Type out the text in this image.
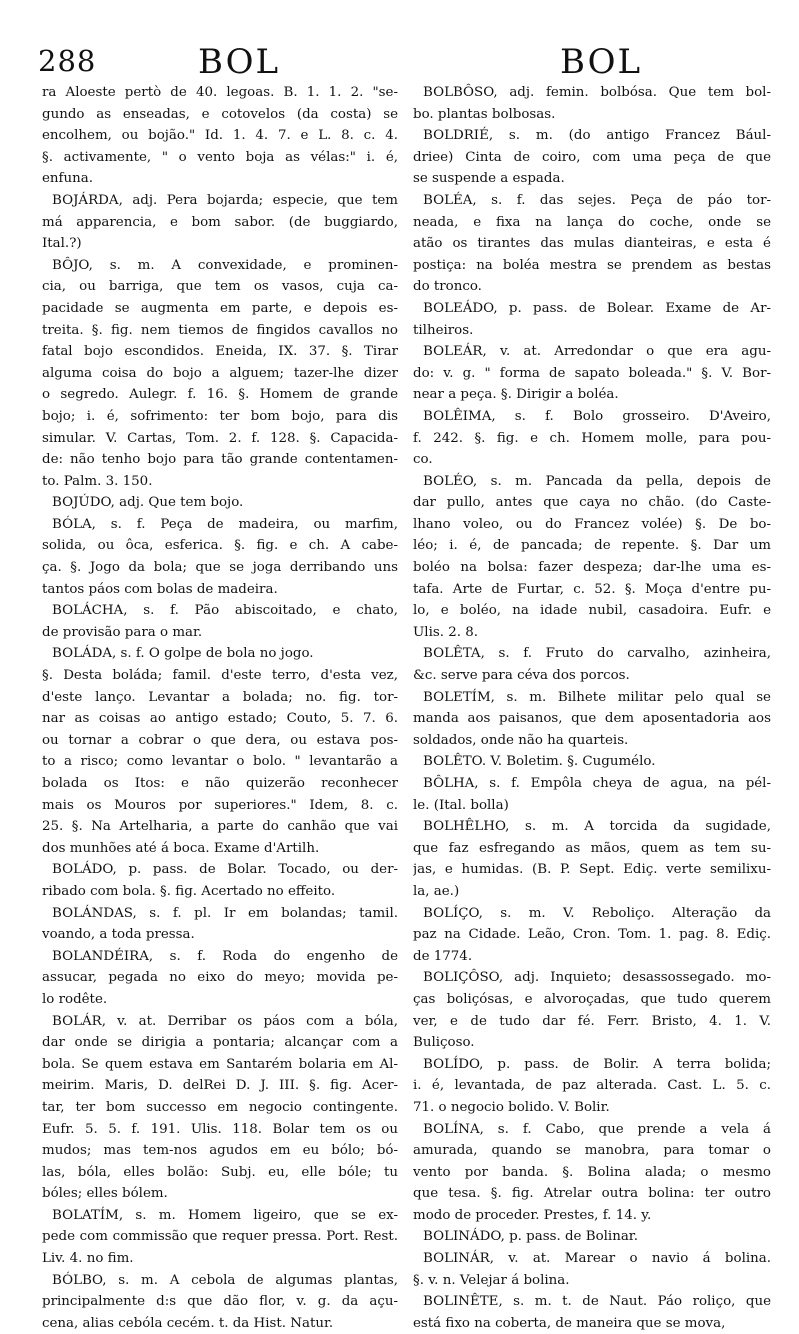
288	BOL	BOL
ra Aloeste pertò de 40. legoas. B. 1. 1. 2. "se-
gundo as enseadas, e cotovelos (da costa) se
encolhem, ou bojão." Id. 1. 4. 7. e L. 8. c. 4.
§. activamente, " o vento boja as vélas:" i. é,
enfuna.
BOJÁRDA, adj. Pera bojarda; especie, que tem
má apparencia, e bom sabor. (de buggiardo,
Ital.?)
BÔJO, s. m. A convexidade, e prominen-
cia, ou barriga, que tem os vasos, cuja ca-
pacidade se augmenta em parte, e depois es-
treita. §. fig. nem tiemos de fingidos cavallos no
fatal bojo escondidos. Eneida, IX. 37. §. Tirar
alguma coisa do bojo a alguem; tazer-lhe dizer
o segredo. Aulegr. f. 16. §. Homem de grande
bojo; i. é, sofrimento: ter bom bojo, para dis
simular. V. Cartas, Tom. 2. f. 128. §. Capacida-
de: não tenho bojo para tão grande contentamen-
to. Palm. 3. 150.
BOJÚDO, adj. Que tem bojo.
BÓLA, s. f. Peça de madeira, ou marfim,
solida, ou ôca, esferica. §. fig. e ch. A cabe-
ça. §. Jogo da bola; que se joga derribando uns
tantos páos com bolas de madeira.
BOLÁCHA, s. f. Pão abiscoitado, e chato,
de provisão para o mar.
BOLÁDA, s. f. O golpe de bola no jogo.
§. Desta boláda; famil. d'este terro, d'esta vez,
d'este lanço. Levantar a bolada; no. fig. tor-
nar as coisas ao antigo estado; Couto, 5. 7. 6.
ou tornar a cobrar o que dera, ou estava pos-
to a risco; como levantar o bolo. " levantarão a
bolada os Itos: e não quizerão reconhecer
mais os Mouros por superiores." Idem, 8. c.
25. §. Na Artelharia, a parte do canhão que vai
dos munhões até á boca. Exame d'Artilh.
BOLÁDO, p. pass. de Bolar. Tocado, ou der-
ribado com bola. §. fig. Acertado no effeito.
BOLÁNDAS, s. f. pl. Ir em bolandas; tamil.
voando, a toda pressa.
BOLANDÉIRA, s. f. Roda do engenho de
assucar, pegada no eixo do meyo; movida pe-
lo rodête.
BOLÁR, v. at. Derribar os páos com a bóla,
dar onde se dirigia a pontaria; alcançar com a
bola. Se quem estava em Santarém bolaria em Al-
meirim. Maris, D. delRei D. J. III. §. fig. Acer-
tar, ter bom successo em negocio contingente.
Eufr. 5. 5. f. 191. Ulis. 118. Bolar tem os ou
mudos; mas tem-nos agudos em eu bólo; bó-
las, bóla, elles bolão: Subj. eu, elle bóle; tu
bóles; elles bólem.
BOLATÍM, s. m. Homem ligeiro, que se ex-
pede com commissão que requer pressa. Port. Rest.
Liv. 4. no fim.
BÓLBO, s. m. A cebola de algumas plantas,
principalmente d:s que dão flor, v. g. da açu-
cena, alias cebóla cecém. t. da Hist. Natur.
BOLBÔSO, adj. femin. bolbósa. Que tem bol-
bo. plantas bolbosas.
BOLDRIÉ, s. m. (do antigo Francez Bául-
driee) Cinta de coiro, com uma peça de que
se suspende a espada.
BOLÉA, s. f. das sejes. Peça de páo tor-
neada, e fixa na lança do coche, onde se
atão os tirantes das mulas dianteiras, e esta é
postiça: na boléa mestra se prendem as bestas
do tronco.
BOLEÁDO, p. pass. de Bolear. Exame de Ar-
tilheiros.
BOLEÁR, v. at. Arredondar o que era agu-
do: v. g. " forma de sapato boleada." §. V. Bor-
near a peça. §. Dirigir a boléa.
BOLÊIMA, s. f. Bolo grosseiro. D'Aveiro,
f. 242. §. fig. e ch. Homem molle, para pou-
co.
BOLÉO, s. m. Pancada da pella, depois de
dar pullo, antes que caya no chão. (do Caste-
lhano voleo, ou do Francez volée) §. De bo-
léo; i. é, de pancada; de repente. §. Dar um
boléo na bolsa: fazer despeza; dar-lhe uma es-
tafa. Arte de Furtar, c. 52. §. Moça d'entre pu-
lo, e boléo, na idade nubil, casadoira. Eufr. e
Ulis. 2. 8.
BOLÊTA, s. f. Fruto do carvalho, azinheira,
&c. serve para céva dos porcos.
BOLETÍM, s. m. Bilhete militar pelo qual se
manda aos paisanos, que dem aposentadoria aos
soldados, onde não ha quarteis.
BOLÊTO. V. Boletim. §. Cugumélo.
BÔLHA, s. f. Empôla cheya de agua, na pél-
le. (Ital. bolla)
BOLHÊLHO, s. m. A torcida da sugidade,
que faz esfregando as mãos, quem as tem su-
jas, e humidas. (B. P. Sept. Ediç. verte semilixu-
la, ae.)
BOLÍÇO, s. m. V. Reboliço. Alteração da
paz na Cidade. Leão, Cron. Tom. 1. pag. 8. Ediç.
de 1774.
BOLIÇÔSO, adj. Inquieto; desassossegado. mo-
ças boliçósas, e alvoroçadas, que tudo querem
ver, e de tudo dar fé. Ferr. Bristo, 4. 1. V.
Buliçoso.
BOLÍDO, p. pass. de Bolir. A terra bolida;
i. é, levantada, de paz alterada. Cast. L. 5. c.
71. o negocio bolido. V. Bolir.
BOLÍNA, s. f. Cabo, que prende a vela á
amurada, quando se manobra, para tomar o
vento por banda. §. Bolina alada; o mesmo
que tesa. §. fig. Atrelar outra bolina: ter outro
modo de proceder. Prestes, f. 14. y.
BOLINÁDO, p. pass. de Bolinar.
BOLINÁR, v. at. Marear o navio á bolina.
§. v. n. Velejar á bolina.
BOLINÊTE, s. m. t. de Naut. Páo roliço, que
está fixo na coberta, de maneira que se mova,
